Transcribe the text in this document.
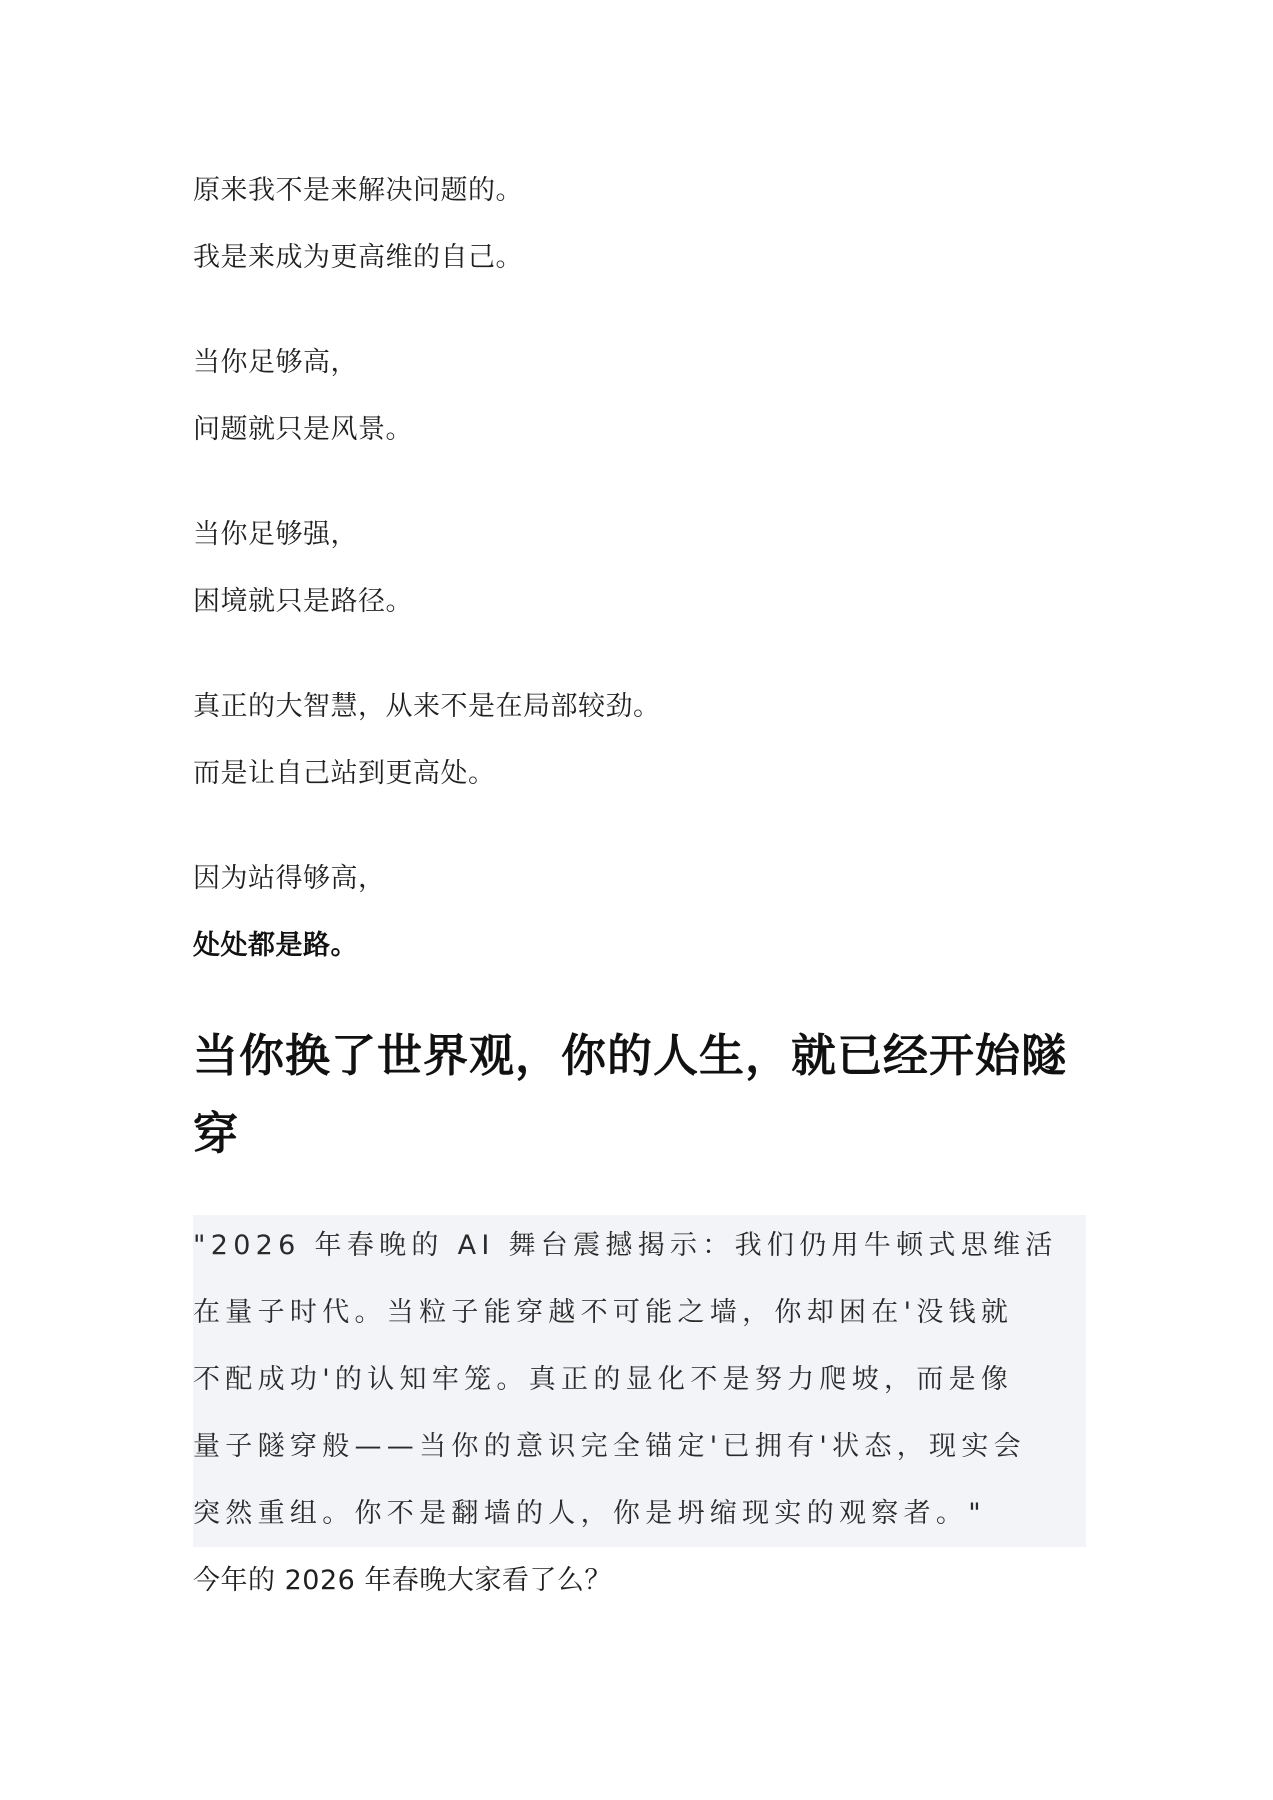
原来我不是来解决问题的。
我是来成为更高维的自己。
当你足够高，
问题就只是风景。
当你足够强，
困境就只是路径。
真正的大智慧，从来不是在局部较劲。
而是让自己站到更高处。
因为站得够高，
处处都是路。
当你换了世界观，你的人生，就已经开始隧
穿
"2026 年春晚的 AI 舞台震撼揭示：我们仍用牛顿式思维活
在量子时代。当粒子能穿越不可能之墙，你却困在'没钱就
不配成功'的认知牢笼。真正的显化不是努力爬坡，而是像
量子隧穿般——当你的意识完全锚定'已拥有'状态，现实会
突然重组。你不是翻墙的人，你是坍缩现实的观察者。"
今年的 2026 年春晚大家看了么？
